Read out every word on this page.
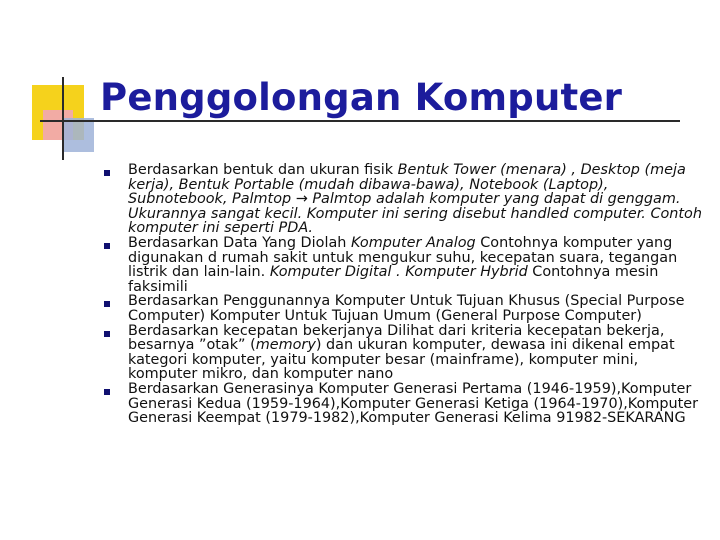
Penggolongan Komputer
Berdasarkan bentuk dan ukuran fisik Bentuk Tower (menara) , Desktop (meja kerja), Bentuk Portable (mudah dibawa-bawa), Notebook (Laptop), Subnotebook, Palmtop → Palmtop adalah komputer yang dapat di genggam. Ukurannya sangat kecil. Komputer ini sering disebut handled computer. Contoh komputer ini seperti PDA.
Berdasarkan Data Yang Diolah Komputer Analog Contohnya komputer yang digunakan d rumah sakit untuk mengukur suhu, kecepatan suara, tegangan listrik dan lain-lain. Komputer Digital . Komputer Hybrid Contohnya mesin faksimili
Berdasarkan Penggunannya Komputer Untuk Tujuan Khusus (Special Purpose Computer) Komputer Untuk Tujuan Umum (General Purpose Computer)
Berdasarkan kecepatan bekerjanya Dilihat dari kriteria kecepatan bekerja, besarnya ”otak” (memory) dan ukuran komputer, dewasa ini dikenal empat kategori komputer, yaitu komputer besar (mainframe), komputer mini, komputer mikro, dan komputer nano
Berdasarkan Generasinya Komputer Generasi Pertama (1946-1959),Komputer Generasi Kedua (1959-1964),Komputer Generasi Ketiga (1964-1970),Komputer Generasi Keempat (1979-1982),Komputer Generasi Kelima 91982-SEKARANG
